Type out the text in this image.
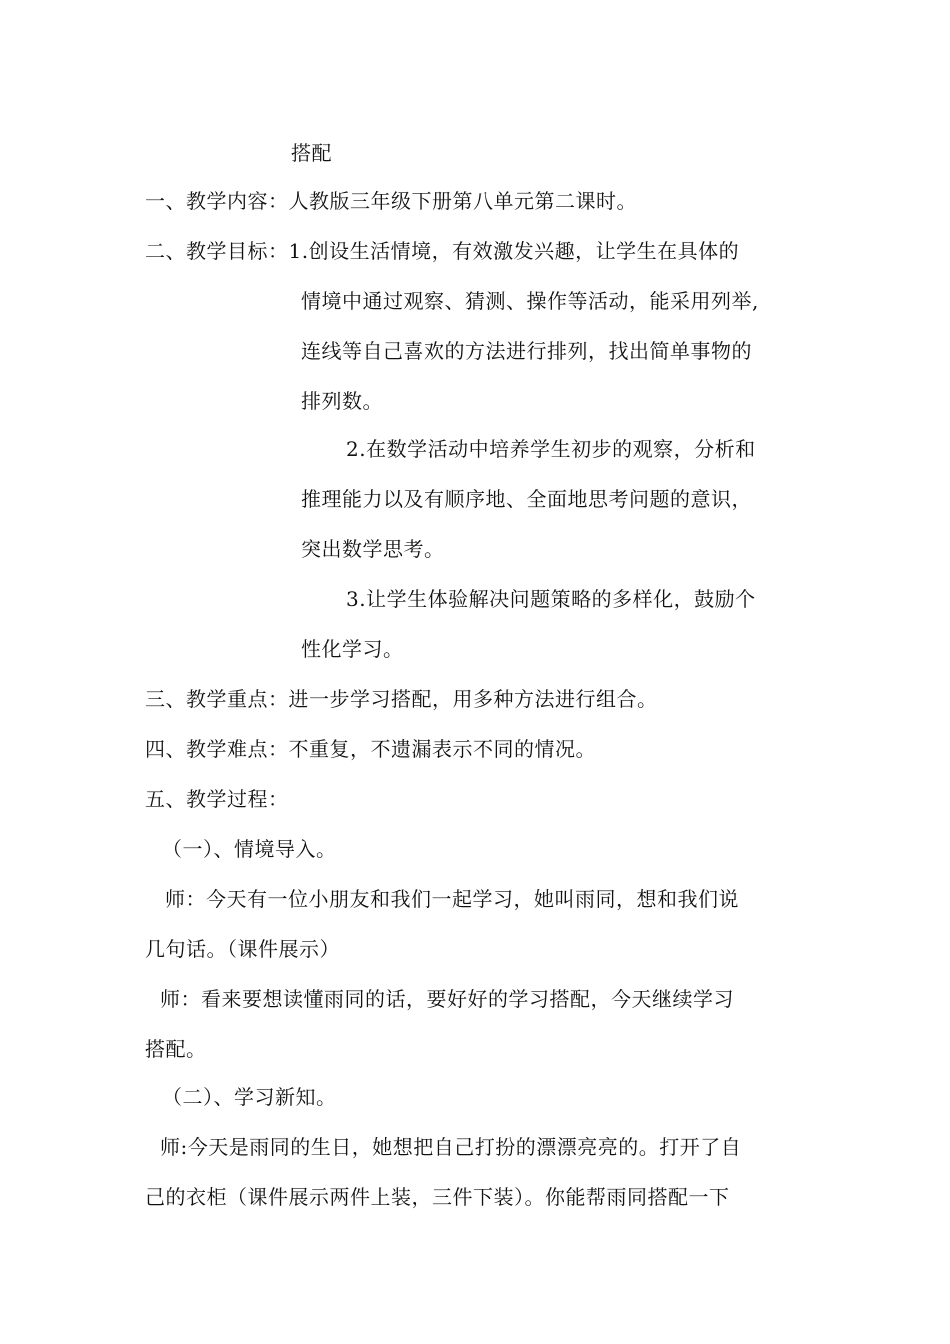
搭配
一、教学内容：人教版三年级下册第八单元第二课时。
二、教学目标：1.创设生活情境，有效激发兴趣，让学生在具体的
情境中通过观察、猜测、操作等活动，能采用列举,
连线等自己喜欢的方法进行排列，找出简单事物的
排列数。
2.在数学活动中培养学生初步的观察，分析和
推理能力以及有顺序地、全面地思考问题的意识，
突出数学思考。
3.让学生体验解决问题策略的多样化，鼓励个
性化学习。
三、教学重点：进一步学习搭配，用多种方法进行组合。
四、教学难点：不重复，不遗漏表示不同的情况。
五、教学过程：
（一）、情境导入。
师：今天有一位小朋友和我们一起学习，她叫雨同，想和我们说
几句话。（课件展示）
师：看来要想读懂雨同的话，要好好的学习搭配，今天继续学习
搭配。
（二）、学习新知。
师:今天是雨同的生日，她想把自己打扮的漂漂亮亮的。打开了自
己的衣柜（课件展示两件上装，三件下装）。你能帮雨同搭配一下
